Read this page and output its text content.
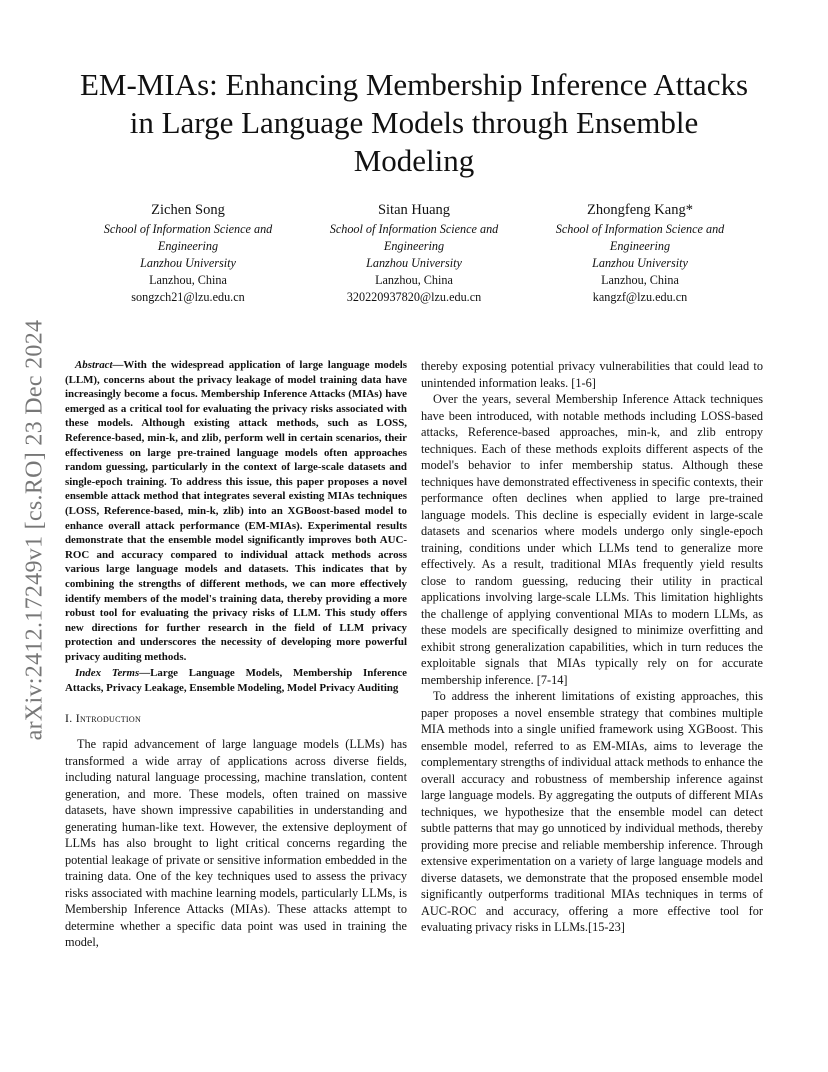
arXiv:2412.17249v1 [cs.RO] 23 Dec 2024
EM-MIAs: Enhancing Membership Inference Attacks in Large Language Models through Ensemble Modeling
Zichen Song
School of Information Science and Engineering
Lanzhou University
Lanzhou, China
songzch21@lzu.edu.cn
Sitan Huang
School of Information Science and Engineering
Lanzhou University
Lanzhou, China
320220937820@lzu.edu.cn
Zhongfeng Kang*
School of Information Science and Engineering
Lanzhou University
Lanzhou, China
kangzf@lzu.edu.cn

Abstract—With the widespread application of large language models (LLM), concerns about the privacy leakage of model training data have increasingly become a focus. Membership Inference Attacks (MIAs) have emerged as a critical tool for evaluating the privacy risks associated with these models. Although existing attack methods, such as LOSS, Reference-based, min-k, and zlib, perform well in certain scenarios, their effectiveness on large pre-trained language models often approaches random guessing, particularly in the context of large-scale datasets and single-epoch training. To address this issue, this paper proposes a novel ensemble attack method that integrates several existing MIAs techniques (LOSS, Reference-based, min-k, zlib) into an XGBoost-based model to enhance overall attack performance (EM-MIAs). Experimental results demonstrate that the ensemble model significantly improves both AUC-ROC and accuracy compared to individual attack methods across various large language models and datasets. This indicates that by combining the strengths of different methods, we can more effectively identify members of the model's training data, thereby providing a more robust tool for evaluating the privacy risks of LLM. This study offers new directions for further research in the field of LLM privacy protection and underscores the necessity of developing more powerful privacy auditing methods.

Index Terms—Large Language Models, Membership Inference Attacks, Privacy Leakage, Ensemble Modeling, Model Privacy Auditing

I. Introduction

The rapid advancement of large language models (LLMs) has transformed a wide array of applications across diverse fields, including natural language processing, machine translation, content generation, and more. These models, often trained on massive datasets, have shown impressive capabilities in understanding and generating human-like text. However, the extensive deployment of LLMs has also brought to light critical concerns regarding the potential leakage of private or sensitive information embedded in the training data. One of the key techniques used to assess the privacy risks associated with machine learning models, particularly LLMs, is Membership Inference Attacks (MIAs). These attacks attempt to determine whether a specific data point was used in training the model,

thereby exposing potential privacy vulnerabilities that could lead to unintended information leaks. [1-6]

Over the years, several Membership Inference Attack techniques have been introduced, with notable methods including LOSS-based attacks, Reference-based approaches, min-k, and zlib entropy techniques. Each of these methods exploits different aspects of the model's behavior to infer membership status. Although these techniques have demonstrated effectiveness in specific contexts, their performance often declines when applied to large pre-trained language models. This decline is especially evident in large-scale datasets and scenarios where models undergo only single-epoch training, conditions under which LLMs tend to generalize more effectively. As a result, traditional MIAs frequently yield results close to random guessing, reducing their utility in practical applications involving large-scale LLMs. This limitation highlights the challenge of applying conventional MIAs to modern LLMs, as these models are specifically designed to minimize overfitting and exhibit strong generalization capabilities, which in turn reduces the exploitable signals that MIAs typically rely on for accurate membership inference. [7-14]

To address the inherent limitations of existing approaches, this paper proposes a novel ensemble strategy that combines multiple MIA methods into a single unified framework using XGBoost. This ensemble model, referred to as EM-MIAs, aims to leverage the complementary strengths of individual attack methods to enhance the overall accuracy and robustness of membership inference against large language models. By aggregating the outputs of different MIAs techniques, we hypothesize that the ensemble model can detect subtle patterns that may go unnoticed by individual methods, thereby providing more precise and reliable membership inference. Through extensive experimentation on a variety of large language models and diverse datasets, we demonstrate that the proposed ensemble model significantly outperforms traditional MIAs techniques in terms of AUC-ROC and accuracy, offering a more effective tool for evaluating privacy risks in LLMs.[15-23]
